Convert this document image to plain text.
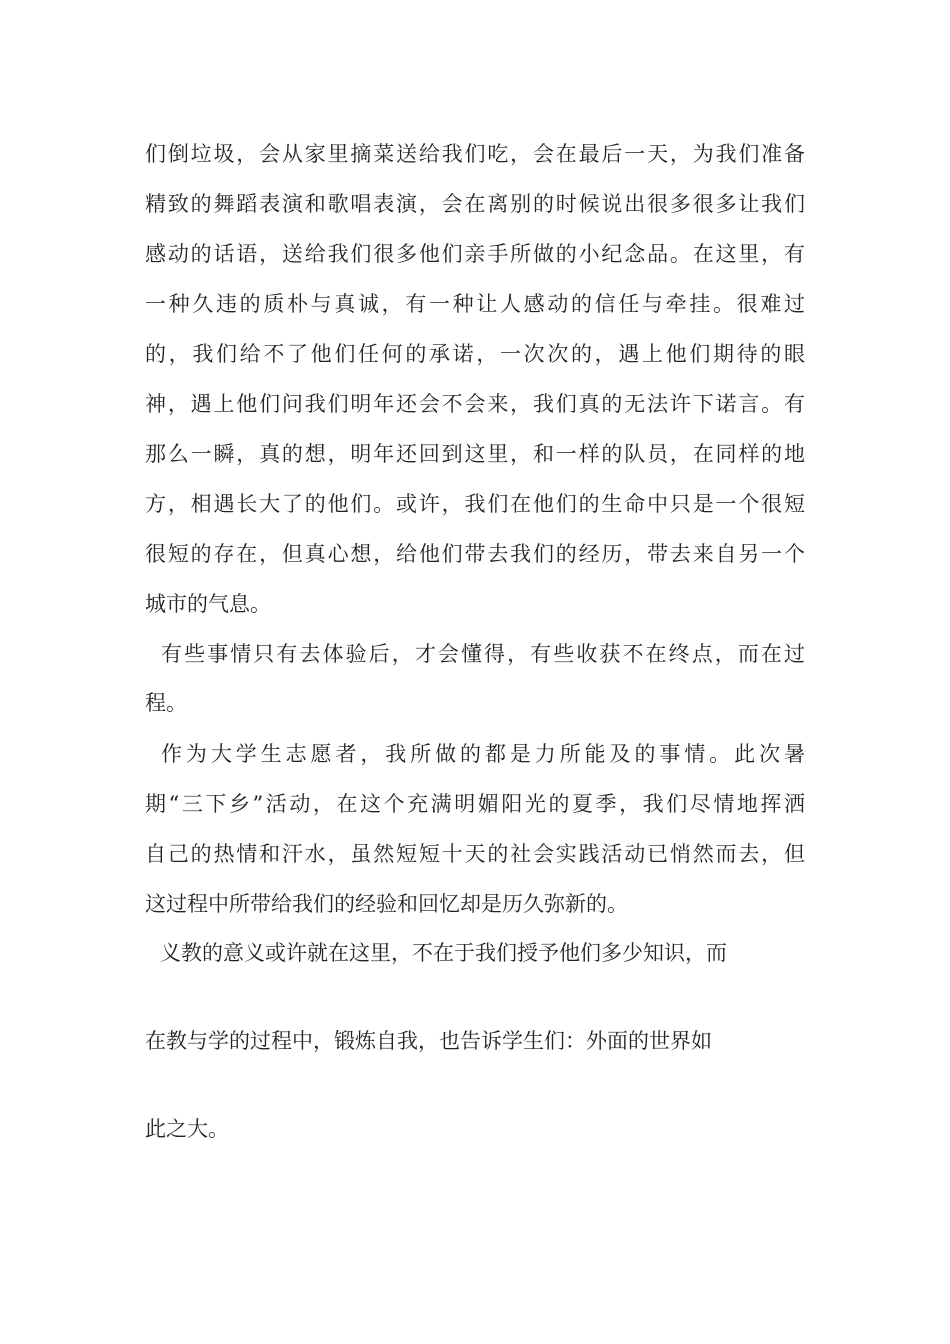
们倒垃圾，会从家里摘菜送给我们吃，会在最后一天，为我们准备
精致的舞蹈表演和歌唱表演，会在离别的时候说出很多很多让我们
感动的话语，送给我们很多他们亲手所做的小纪念品。在这里，有
一种久违的质朴与真诚，有一种让人感动的信任与牵挂。很难过
的，我们给不了他们任何的承诺，一次次的，遇上他们期待的眼
神，遇上他们问我们明年还会不会来，我们真的无法许下诺言。有
那么一瞬，真的想，明年还回到这里，和一样的队员，在同样的地
方，相遇长大了的他们。或许，我们在他们的生命中只是一个很短
很短的存在，但真心想，给他们带去我们的经历，带去来自另一个
城市的气息。
有些事情只有去体验后，才会懂得，有些收获不在终点，而在过
程。
作为大学生志愿者，我所做的都是力所能及的事情。此次暑
期“三下乡”活动，在这个充满明媚阳光的夏季，我们尽情地挥洒
自己的热情和汗水，虽然短短十天的社会实践活动已悄然而去，但
这过程中所带给我们的经验和回忆却是历久弥新的。
义教的意义或许就在这里，不在于我们授予他们多少知识，而
在教与学的过程中，锻炼自我，也告诉学生们：外面的世界如
此之大。
